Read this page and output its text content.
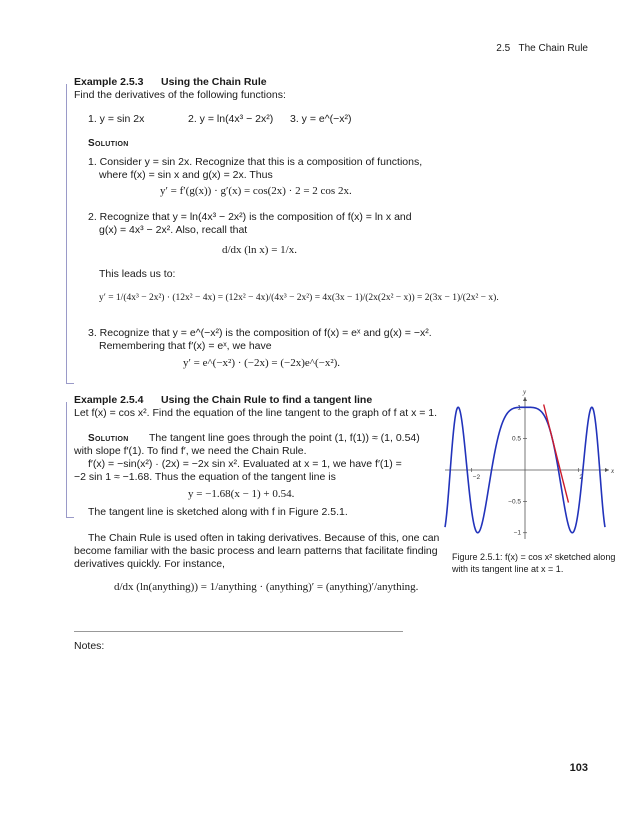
2.5 The Chain Rule
Example 2.5.3 Using the Chain Rule
Find the derivatives of the following functions:
1. y = sin 2x	2. y = ln(4x³ − 2x²) 3. y = e^(−x²)
Solution
1. Consider y = sin 2x. Recognize that this is a composition of functions,
where f(x) = sin x and g(x) = 2x. Thus
y′ = f′(g(x)) · g′(x) = cos(2x) · 2 = 2 cos 2x.
2. Recognize that y = ln(4x³ − 2x²) is the composition of f(x) = ln x and
g(x) = 4x³ − 2x². Also, recall that
d/dx (ln x) = 1/x.
This leads us to:
y′ = 1/(4x³ − 2x²) · (12x² − 4x) = (12x² − 4x)/(4x³ − 2x²) = 4x(3x − 1)/(2x(2x² − x)) = 2(3x − 1)/(2x² − x).
3. Recognize that y = e^(−x²) is the composition of f(x) = eˣ and g(x) = −x².
Remembering that f′(x) = eˣ, we have
y′ = e^(−x²) · (−2x) = (−2x)e^(−x²).
Example 2.5.4 Using the Chain Rule to find a tangent line
Let f(x) = cos x². Find the equation of the line tangent to the graph of f at x = 1.
Solution The tangent line goes through the point (1, f(1)) ≈ (1, 0.54)
with slope f′(1). To find f′, we need the Chain Rule.
f′(x) = −sin(x²) · (2x) = −2x sin x². Evaluated at x = 1, we have f′(1) =
−2 sin 1 ≈ −1.68. Thus the equation of the tangent line is
y = −1.68(x − 1) + 0.54.
The tangent line is sketched along with f in Figure 2.5.1.
The Chain Rule is used often in taking derivatives. Because of this, one can
become familiar with the basic process and learn patterns that facilitate finding
derivatives quickly. For instance,
d/dx (ln(anything)) = 1/anything · (anything)′ = (anything)′/anything.
Notes:
x
y
−2	2
−1
−0.5
0.5
1
Figure 2.5.1: f(x) = cos x² sketched along
with its tangent line at x = 1.
103
